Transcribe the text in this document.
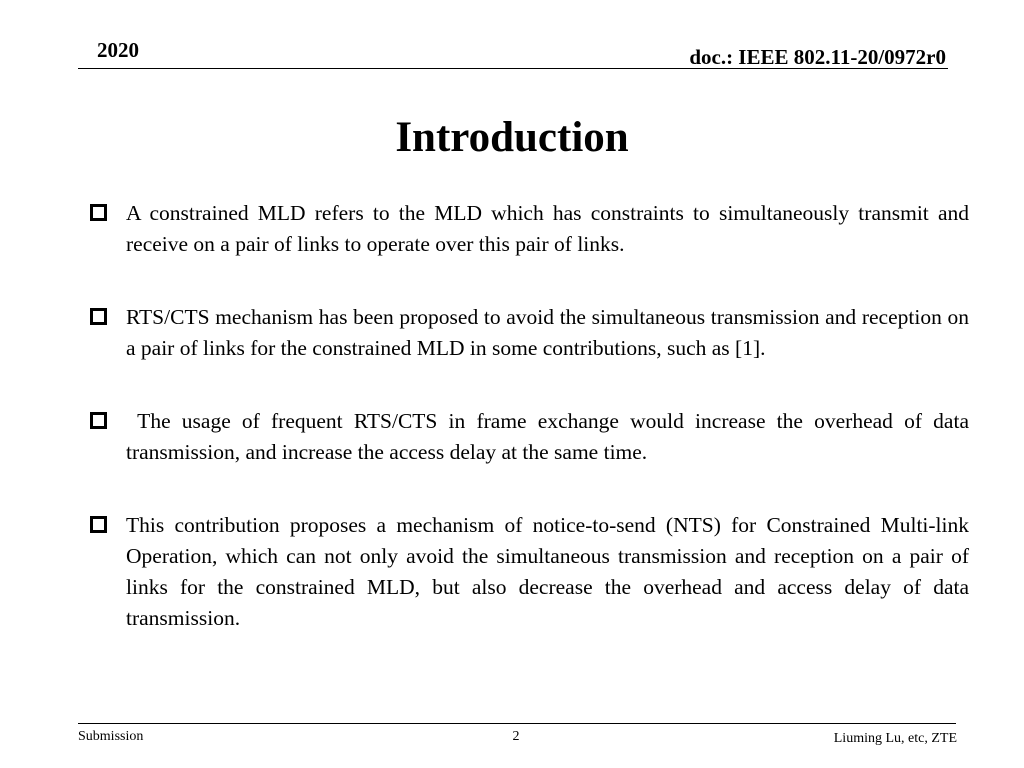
2020	doc.: IEEE 802.11-20/0972r0
Introduction
A constrained MLD refers to the MLD which has constraints to simultaneously transmit and receive on a pair of links to operate over this pair of links.
RTS/CTS mechanism has been proposed to avoid the simultaneous transmission and reception on a pair of links for the constrained MLD in some contributions, such as [1].
The usage of frequent RTS/CTS in frame exchange would increase the overhead of data transmission, and increase the access delay at the same time.
This contribution proposes a mechanism of notice-to-send (NTS) for Constrained Multi-link Operation, which can not only avoid the simultaneous transmission and reception on a pair of links for the constrained MLD, but also decrease the overhead and access delay of data transmission.
Submission	2	Liuming Lu, etc, ZTE
